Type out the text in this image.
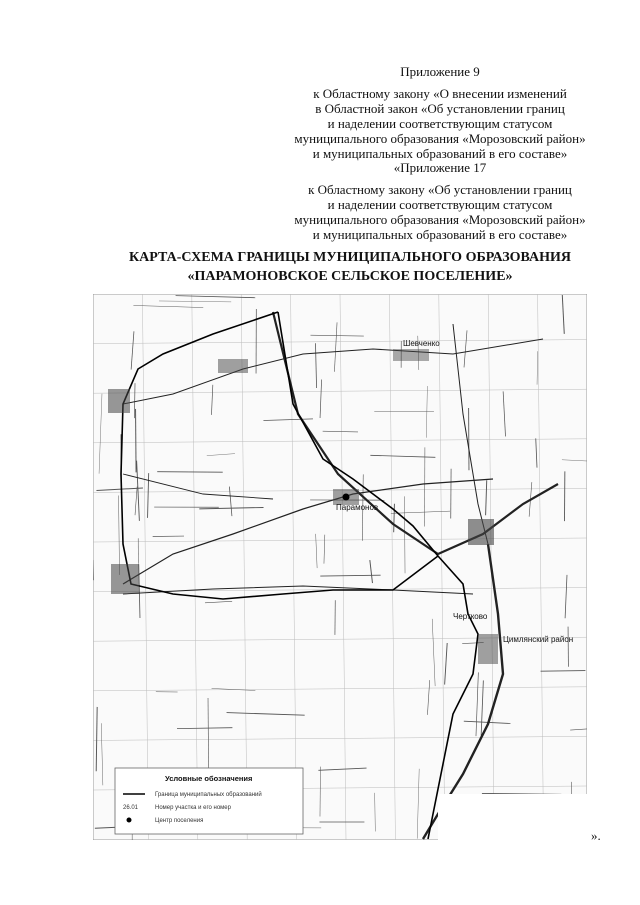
Приложение 9
к Областному закону «О внесении изменений
в Областной закон «Об установлении границ
и наделении соответствующим статусом
муниципального образования «Морозовский район»
и муниципальных образований в его составе»
«Приложение 17
к Областному закону «Об установлении границ
и наделении соответствующим статусом
муниципального образования «Морозовский район»
и муниципальных образований в его составе»
КАРТА-СХЕМА ГРАНИЦЫ МУНИЦИПАЛЬНОГО ОБРАЗОВАНИЯ
«ПАРАМОНОВСКОЕ СЕЛЬСКОЕ ПОСЕЛЕНИЕ»
Парамонов
Цимлянский район
Шевченко
Чертково
Условные обозначения
Граница муниципальных образований
26.01	Номер участка и его номер
Центр поселения
».
